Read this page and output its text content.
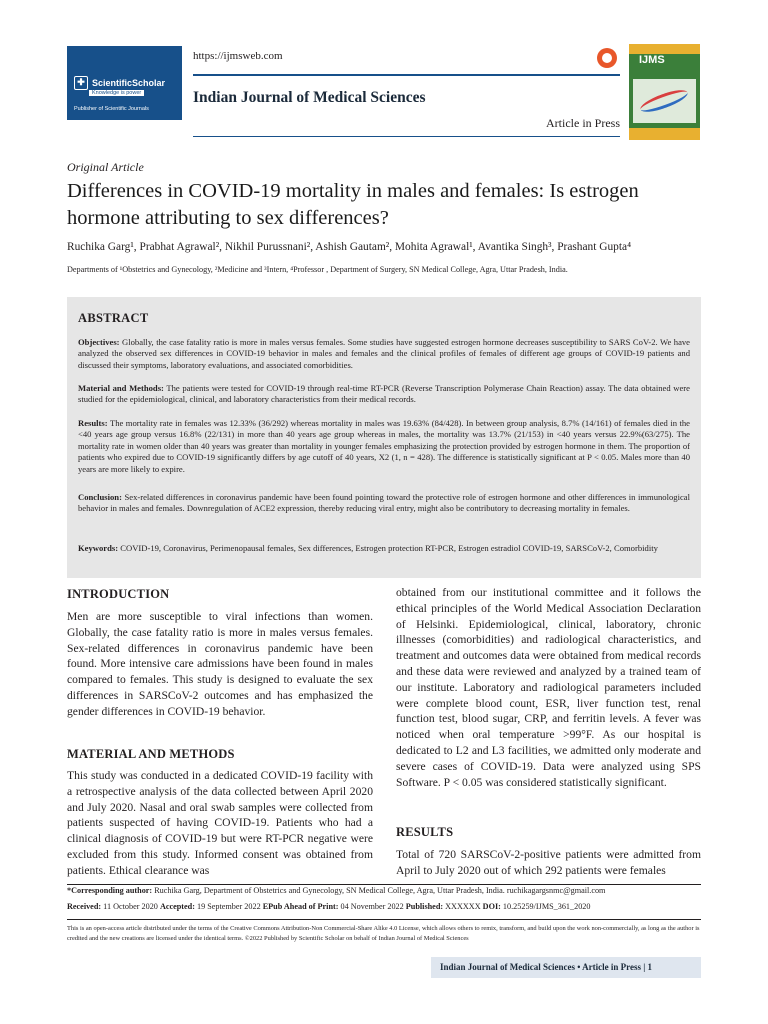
✚ ScientificScholar
Knowledge is power
Publisher of Scientific Journals
https://ijmsweb.com
Indian Journal of Medical Sciences
Article in Press
IJMS
Original Article
Differences in COVID-19 mortality in males and females: Is estrogen hormone attributing to sex differences?
Ruchika Garg¹, Prabhat Agrawal², Nikhil Purussnani², Ashish Gautam², Mohita Agrawal¹, Avantika Singh³, Prashant Gupta⁴
Departments of ¹Obstetrics and Gynecology, ²Medicine and ³Intern, ⁴Professor , Department of Surgery, SN Medical College, Agra, Uttar Pradesh, India.
ABSTRACT
Objectives: Globally, the case fatality ratio is more in males versus females. Some studies have suggested estrogen hormone decreases susceptibility to SARS CoV-2. We have analyzed the observed sex differences in COVID-19 behavior in males and females and the clinical profiles of females of different age groups of COVID-19 patients and discussed their symptoms, laboratory evaluations, and associated comorbidities.
Material and Methods: The patients were tested for COVID-19 through real-time RT-PCR (Reverse Transcription Polymerase Chain Reaction) assay. The data obtained were studied for the epidemiological, clinical, and laboratory characteristics from their medical records.
Results: The mortality rate in females was 12.33% (36/292) whereas mortality in males was 19.63% (84/428). In between group analysis, 8.7% (14/161) of females died in the <40 years age group versus 16.8% (22/131) in more than 40 years age group whereas in males, the mortality was 13.7% (21/153) in <40 years versus 22.9%(63/275). The mortality rate in women older than 40 years was greater than mortality in younger females emphasizing the protection provided by estrogen hormone in them. The proportion of patients who expired due to COVID-19 significantly differs by age cutoff of 40 years, X2 (1, n = 428). The difference is statistically significant at P < 0.05. Males more than 40 years are more likely to expire.
Conclusion: Sex-related differences in coronavirus pandemic have been found pointing toward the protective role of estrogen hormone and other differences in immunological behavior in males and females. Downregulation of ACE2 expression, thereby reducing viral entry, might also be contributory to decreasing mortality in females.
Keywords: COVID-19, Coronavirus, Perimenopausal females, Sex differences, Estrogen protection RT-PCR, Estrogen estradiol COVID-19, SARSCoV-2, Comorbidity
INTRODUCTION
Men are more susceptible to viral infections than women. Globally, the case fatality ratio is more in males versus females. Sex-related differences in coronavirus pandemic have been found. More intensive care admissions have been found in males compared to females. This study is designed to evaluate the sex differences in SARSCoV-2 outcomes and has emphasized the gender differences in COVID-19 behavior.
MATERIAL AND METHODS
This study was conducted in a dedicated COVID-19 facility with a retrospective analysis of the data collected between April 2020 and July 2020. Nasal and oral swab samples were collected from patients suspected of having COVID-19. Patients who had a clinical diagnosis of COVID-19 but were RT-PCR negative were excluded from this study. Informed consent was obtained from patients. Ethical clearance was
obtained from our institutional committee and it follows the ethical principles of the World Medical Association Declaration of Helsinki. Epidemiological, clinical, laboratory, chronic illnesses (comorbidities) and radiological characteristics, and treatment and outcomes data were obtained from medical records and these data were reviewed and analyzed by a trained team of our institute. Laboratory and radiological parameters included were complete blood count, ESR, liver function test, renal function test, blood sugar, CRP, and ferritin levels. A fever was noticed when oral temperature >99°F. As our hospital is dedicated to L2 and L3 facilities, we admitted only moderate and severe cases of COVID-19. Data were analyzed using SPS Software. P < 0.05 was considered statistically significant.
RESULTS
Total of 720 SARSCoV-2-positive patients were admitted from April to July 2020 out of which 292 patients were females
*Corresponding author: Ruchika Garg, Department of Obstetrics and Gynecology, SN Medical College, Agra, Uttar Pradesh, India. ruchikagargsnmc@gmail.com
Received: 11 October 2020 Accepted: 19 September 2022 EPub Ahead of Print: 04 November 2022 Published: XXXXXX DOI: 10.25259/IJMS_361_2020
This is an open-access article distributed under the terms of the Creative Commons Attribution-Non Commercial-Share Alike 4.0 License, which allows others to remix, transform, and build upon the work non-commercially, as long as the author is credited and the new creations are licensed under the identical terms. ©2022 Published by Scientific Scholar on behalf of Indian Journal of Medical Sciences
Indian Journal of Medical Sciences • Article in Press | 1
